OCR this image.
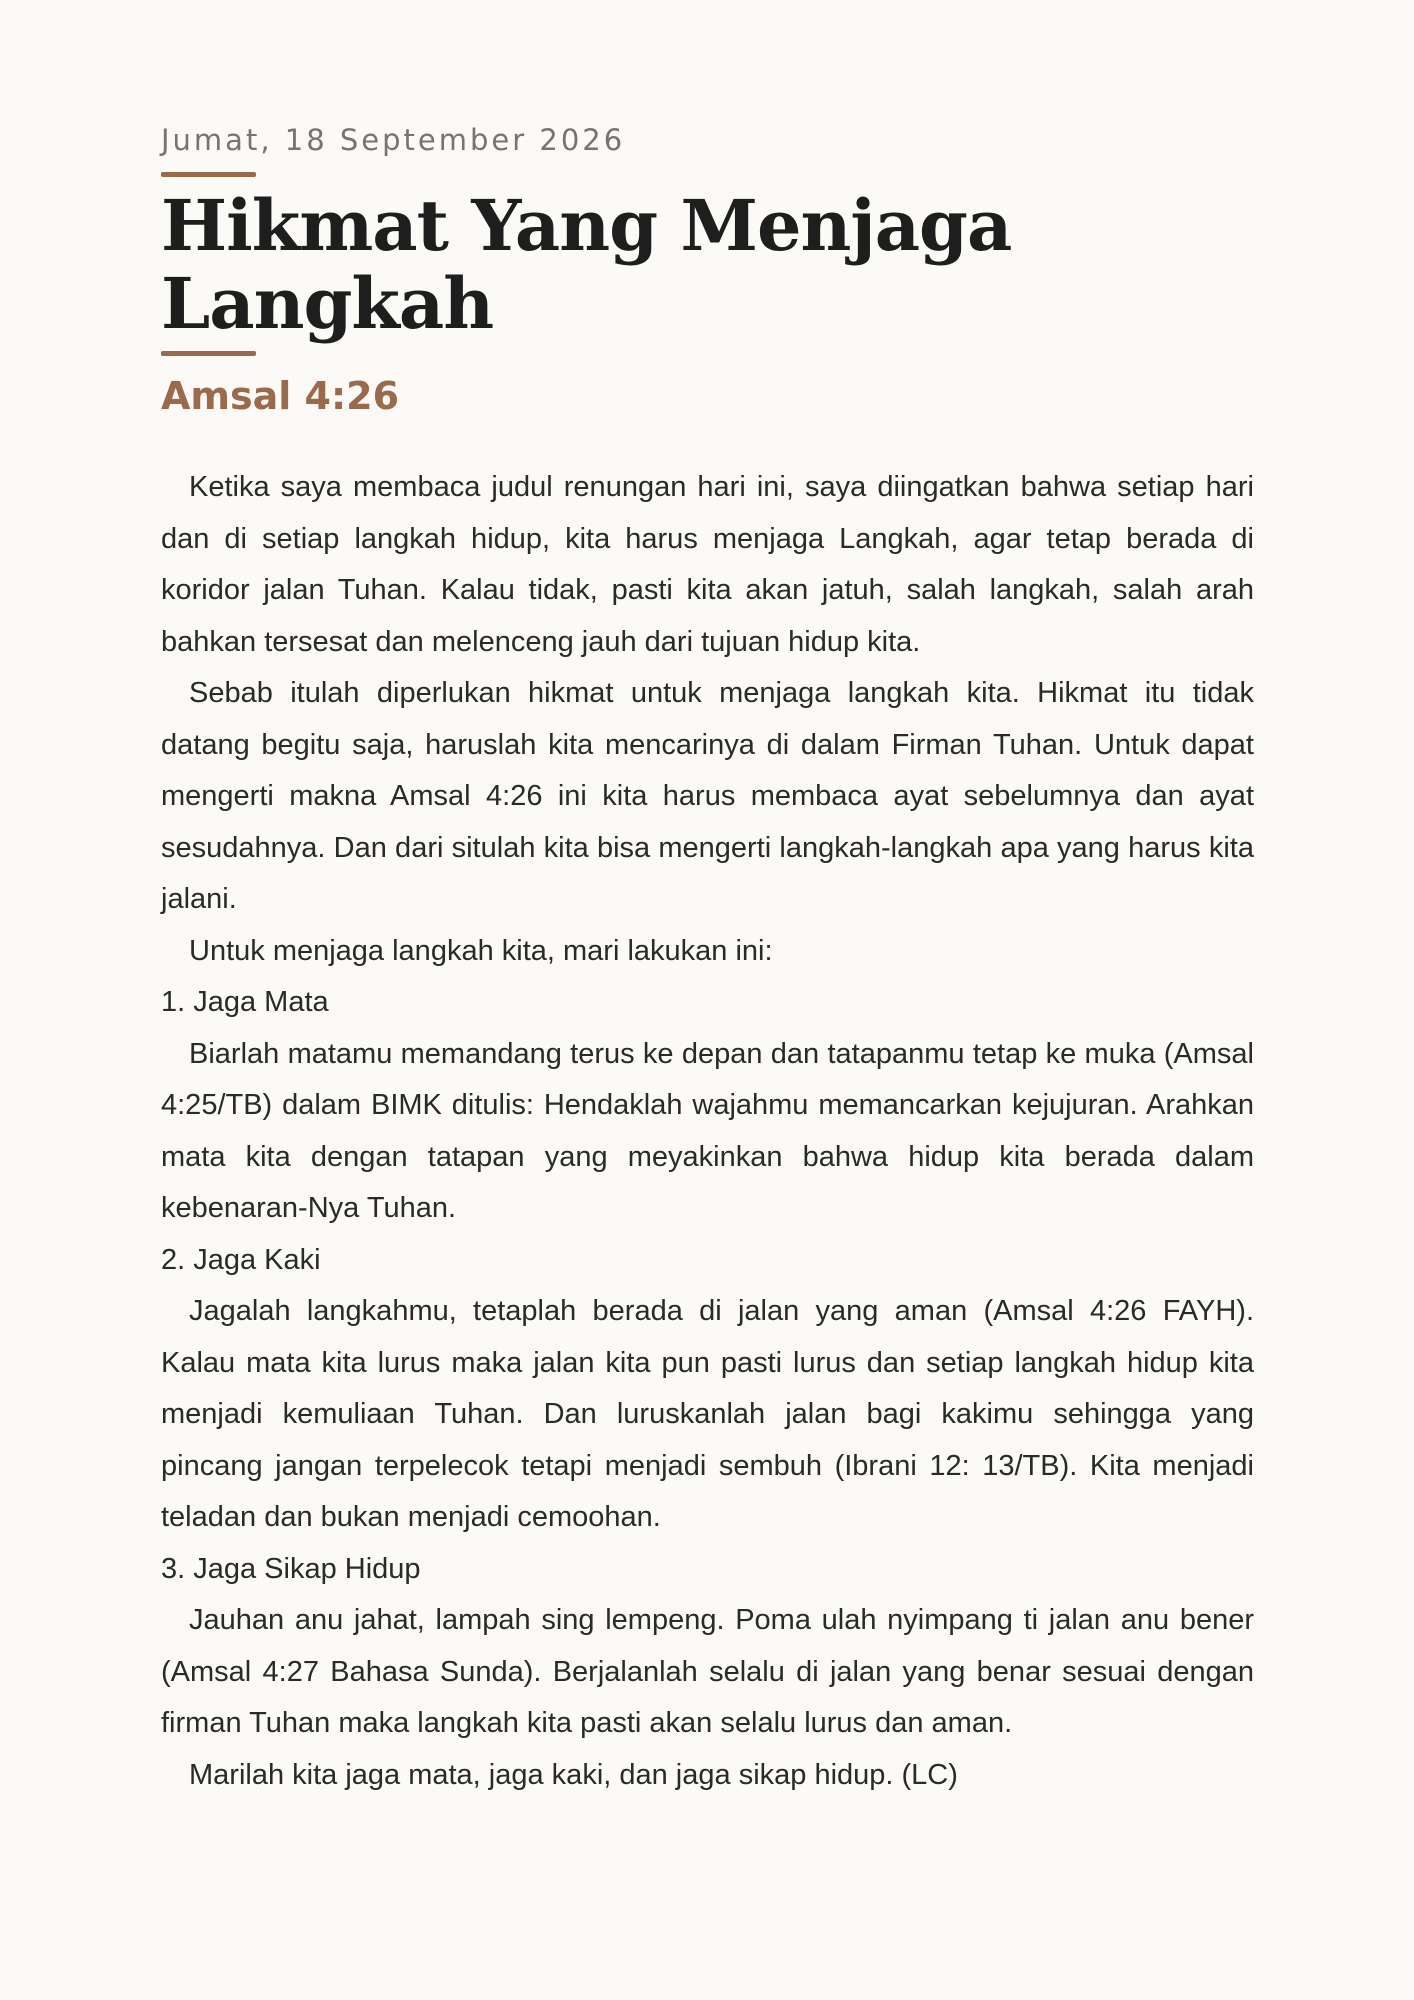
Jumat, 18 September 2026

Hikmat Yang Menjaga Langkah

Amsal 4:26

Ketika saya membaca judul renungan hari ini, saya diingatkan bahwa setiap hari dan di setiap langkah hidup, kita harus menjaga Langkah, agar tetap berada di koridor jalan Tuhan. Kalau tidak, pasti kita akan jatuh, salah langkah, salah arah bahkan tersesat dan melenceng jauh dari tujuan hidup kita.

Sebab itulah diperlukan hikmat untuk menjaga langkah kita. Hikmat itu tidak datang begitu saja, haruslah kita mencarinya di dalam Firman Tuhan. Untuk dapat mengerti makna Amsal 4:26 ini kita harus membaca ayat sebelumnya dan ayat sesudahnya. Dan dari situlah kita bisa mengerti langkah-langkah apa yang harus kita jalani.

Untuk menjaga langkah kita, mari lakukan ini:

1. Jaga Mata

Biarlah matamu memandang terus ke depan dan tatapanmu tetap ke muka (Amsal 4:25/TB) dalam BIMK ditulis: Hendaklah wajahmu memancarkan kejujuran. Arahkan mata kita dengan tatapan yang meyakinkan bahwa hidup kita berada dalam kebenaran-Nya Tuhan.

2. Jaga Kaki

Jagalah langkahmu, tetaplah berada di jalan yang aman (Amsal 4:26 FAYH). Kalau mata kita lurus maka jalan kita pun pasti lurus dan setiap langkah hidup kita menjadi kemuliaan Tuhan. Dan luruskanlah jalan bagi kakimu sehingga yang pincang jangan terpelecok tetapi menjadi sembuh (Ibrani 12: 13/TB). Kita menjadi teladan dan bukan menjadi cemoohan.

3. Jaga Sikap Hidup

Jauhan anu jahat, lampah sing lempeng. Poma ulah nyimpang ti jalan anu bener (Amsal 4:27 Bahasa Sunda). Berjalanlah selalu di jalan yang benar sesuai dengan firman Tuhan maka langkah kita pasti akan selalu lurus dan aman.

Marilah kita jaga mata, jaga kaki, dan jaga sikap hidup. (LC)
